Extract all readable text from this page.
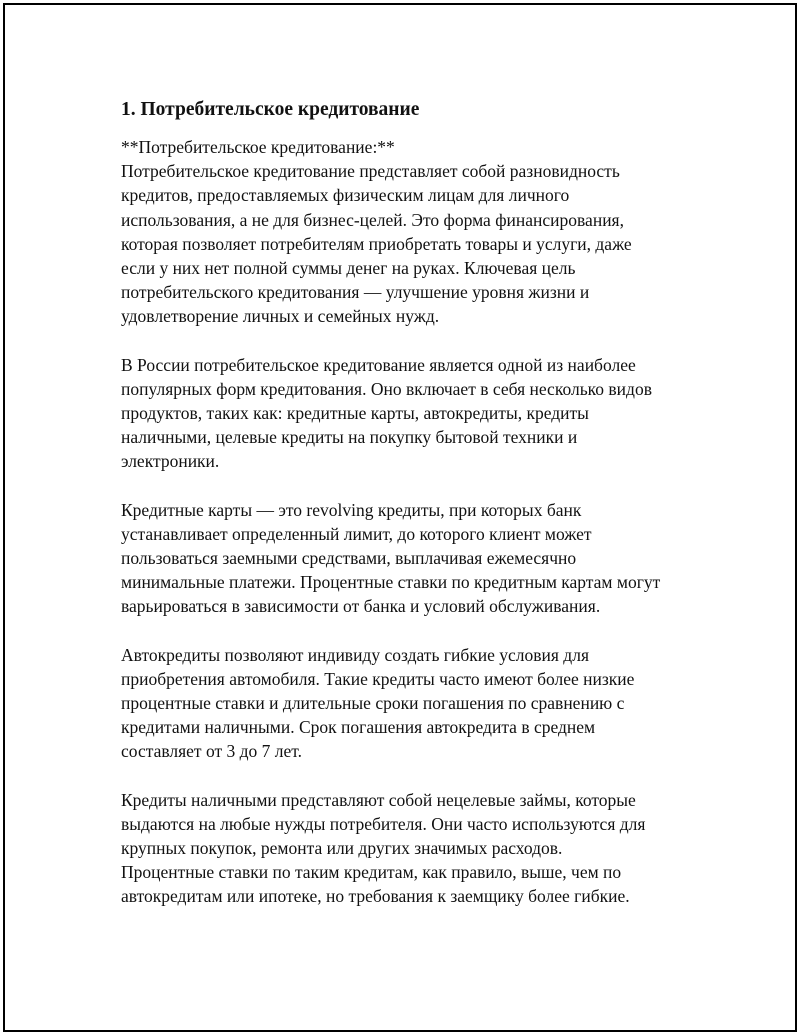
1. Потребительское кредитование

**Потребительское кредитование:**
Потребительское кредитование представляет собой разновидность
кредитов, предоставляемых физическим лицам для личного
использования, а не для бизнес-целей. Это форма финансирования,
которая позволяет потребителям приобретать товары и услуги, даже
если у них нет полной суммы денег на руках. Ключевая цель
потребительского кредитования — улучшение уровня жизни и
удовлетворение личных и семейных нужд.

В России потребительское кредитование является одной из наиболее
популярных форм кредитования. Оно включает в себя несколько видов
продуктов, таких как: кредитные карты, автокредиты, кредиты
наличными, целевые кредиты на покупку бытовой техники и
электроники.

Кредитные карты — это revolving кредиты, при которых банк
устанавливает определенный лимит, до которого клиент может
пользоваться заемными средствами, выплачивая ежемесячно
минимальные платежи. Процентные ставки по кредитным картам могут
варьироваться в зависимости от банка и условий обслуживания.

Автокредиты позволяют индивиду создать гибкие условия для
приобретения автомобиля. Такие кредиты часто имеют более низкие
процентные ставки и длительные сроки погашения по сравнению с
кредитами наличными. Срок погашения автокредита в среднем
составляет от 3 до 7 лет.

Кредиты наличными представляют собой нецелевые займы, которые
выдаются на любые нужды потребителя. Они часто используются для
крупных покупок, ремонта или других значимых расходов.
Процентные ставки по таким кредитам, как правило, выше, чем по
автокредитам или ипотеке, но требования к заемщику более гибкие.
